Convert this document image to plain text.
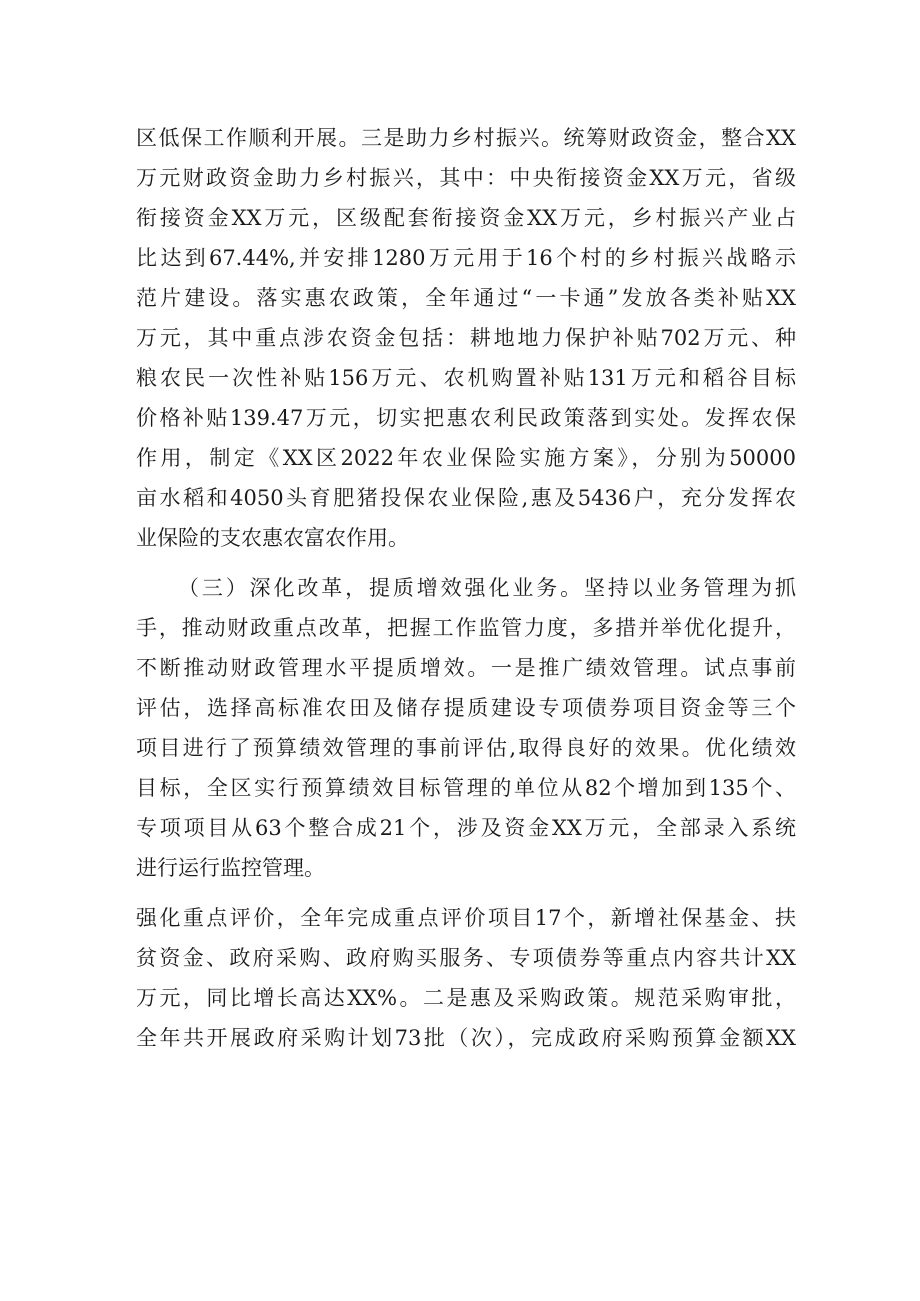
区低保工作顺利开展。三是助力乡村振兴。统筹财政资金，整合XX
万元财政资金助力乡村振兴，其中：中央衔接资金XX万元，省级
衔接资金XX万元，区级配套衔接资金XX万元，乡村振兴产业占
比达到67.44%,并安排1280万元用于16个村的乡村振兴战略示
范片建设。落实惠农政策，全年通过“一卡通”发放各类补贴XX
万元，其中重点涉农资金包括：耕地地力保护补贴702万元、种
粮农民一次性补贴156万元、农机购置补贴131万元和稻谷目标
价格补贴139.47万元，切实把惠农利民政策落到实处。发挥农保
作用，制定《XX区2022年农业保险实施方案》，分别为50000
亩水稻和4050头育肥猪投保农业保险,惠及5436户，充分发挥农
业保险的支农惠农富农作用。
（三）深化改革，提质增效强化业务。坚持以业务管理为抓
手，推动财政重点改革，把握工作监管力度，多措并举优化提升，
不断推动财政管理水平提质增效。一是推广绩效管理。试点事前
评估，选择高标准农田及储存提质建设专项债券项目资金等三个
项目进行了预算绩效管理的事前评估,取得良好的效果。优化绩效
目标，全区实行预算绩效目标管理的单位从82个增加到135个、
专项项目从63个整合成21个，涉及资金XX万元，全部录入系统
进行运行监控管理。
强化重点评价，全年完成重点评价项目17个，新增社保基金、扶
贫资金、政府采购、政府购买服务、专项债券等重点内容共计XX
万元，同比增长高达XX%。二是惠及采购政策。规范采购审批，
全年共开展政府采购计划73批（次），完成政府采购预算金额XX
